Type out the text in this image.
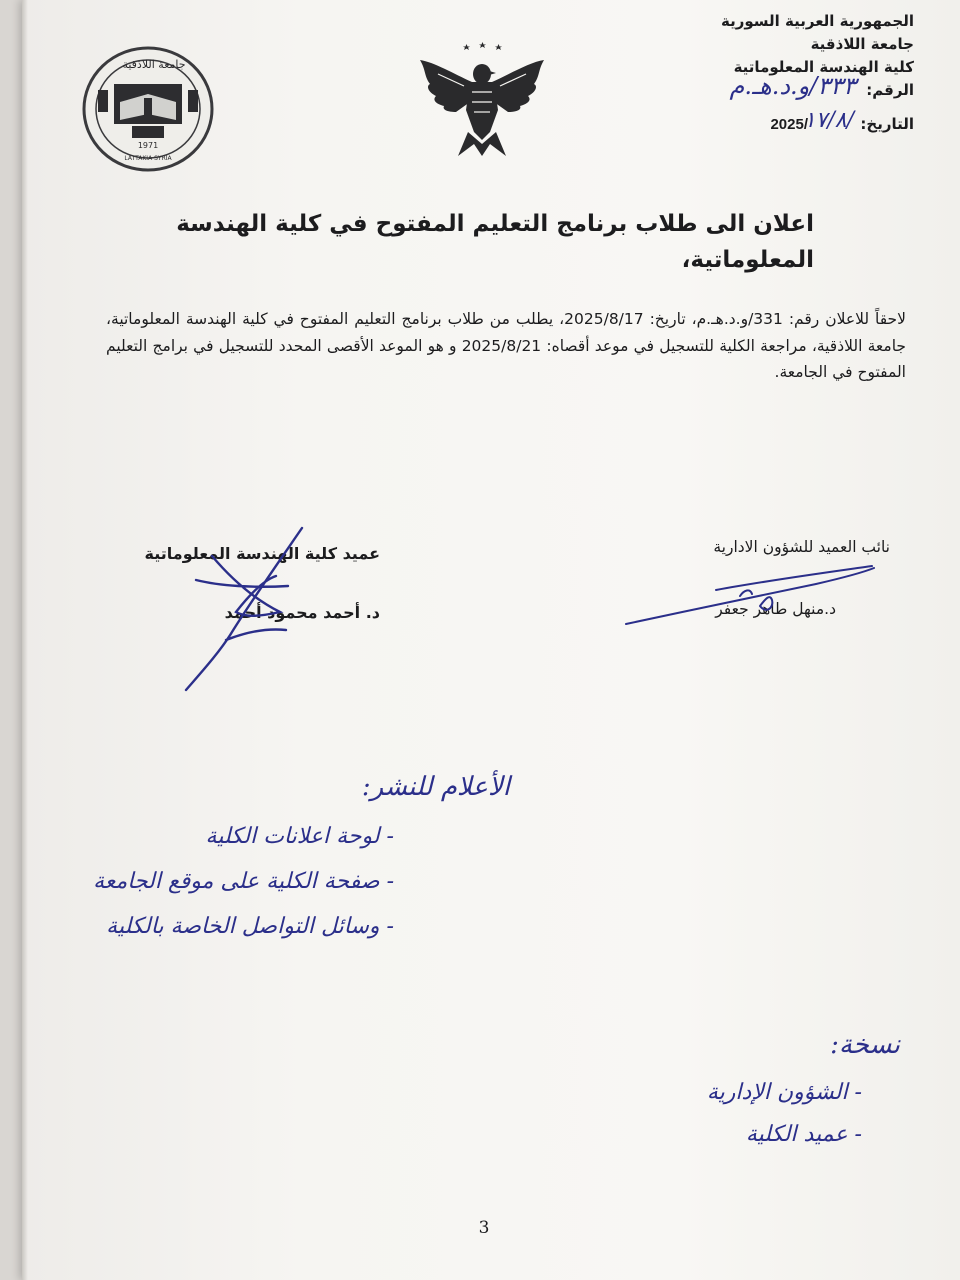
الجمهورية العربية السورية
جامعة اللاذقية
كلية الهندسة المعلوماتية
الرقم:
٣٣٣/و.د.هـ.م
التاريخ:
١٧/٨/
2025/
جامعة اللاذقية
1971
LATTAKIA SYRIA
اعلان الى طلاب برنامج التعليم المفتوح في كلية الهندسة المعلوماتية،
لاحقاً للاعلان رقم: 331/و.د.هـ.م، تاريخ: 2025/8/17، يطلب من طلاب برنامج التعليم المفتوح في كلية الهندسة المعلوماتية، جامعة اللاذقية، مراجعة الكلية للتسجيل في موعد أقصاه: 2025/8/21 و هو الموعد الأقصى المحدد للتسجيل في برامج التعليم المفتوح في الجامعة.
عميد كلية الهندسة المعلوماتية
د. أحمد محمود أحمد
نائب العميد للشؤون الادارية
د.منهل طاهر جعفر
الأعلام للنشر:
- لوحة اعلانات الكلية
- صفحة الكلية على موقع الجامعة
- وسائل التواصل الخاصة بالكلية
نسخة:
- الشؤون الإدارية
- عميد الكلية
3
